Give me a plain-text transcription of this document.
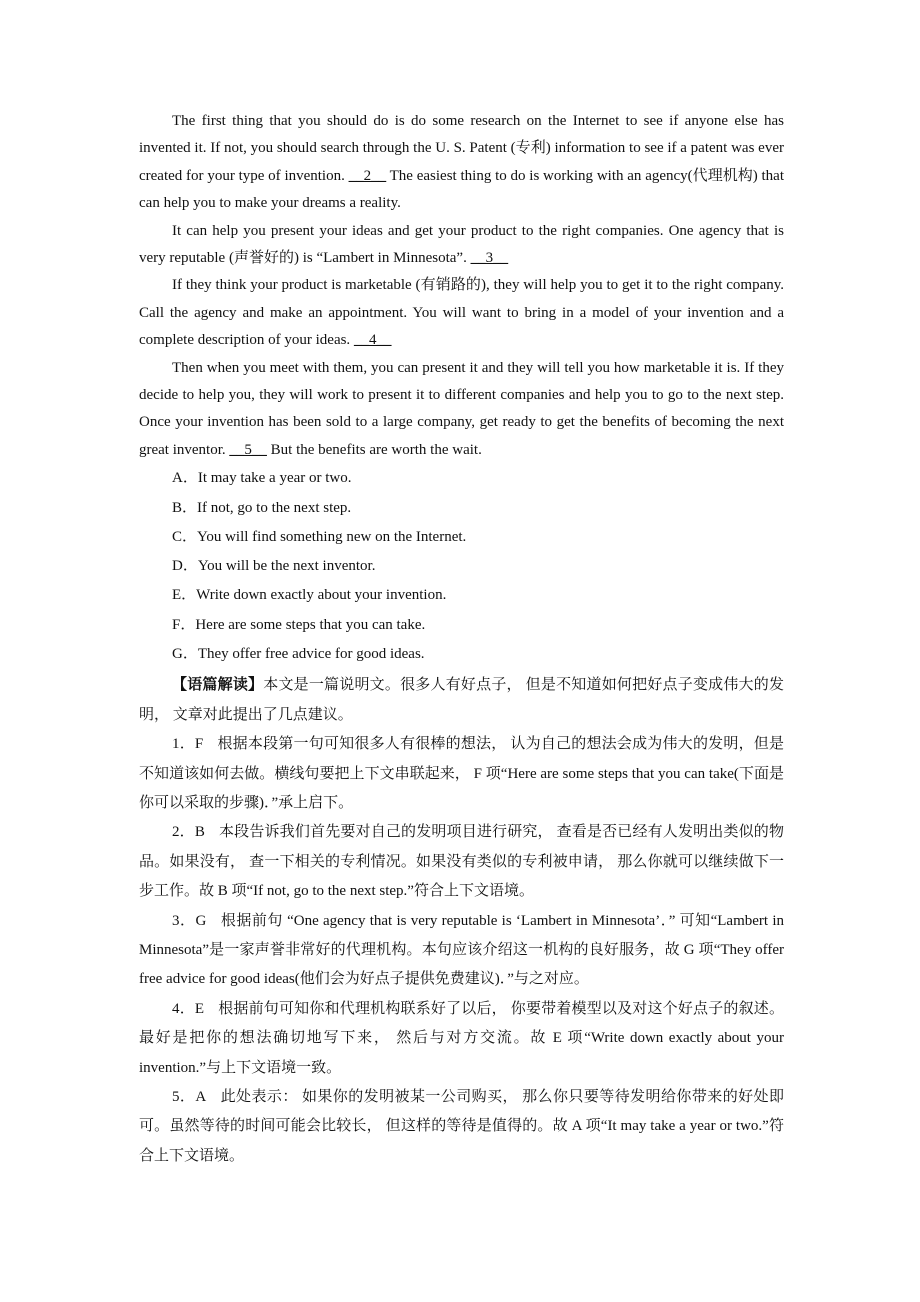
The first thing that you should do is do some research on the Internet to see if anyone else has invented it. If not, you should search through the U. S. Patent (专利) information to see if a patent was ever created for your type of invention. __2__ The easiest thing to do is working with an agency(代理机构) that can help you to make your dreams a reality.

It can help you present your ideas and get your product to the right companies. One agency that is very reputable (声誉好的) is “Lambert in Minnesota”. __3__

If they think your product is marketable (有销路的), they will help you to get it to the right company. Call the agency and make an appointment. You will want to bring in a model of your invention and a complete description of your ideas. __4__

Then when you meet with them, you can present it and they will tell you how marketable it is. If they decide to help you, they will work to present it to different companies and help you to go to the next step. Once your invention has been sold to a large company, get ready to get the benefits of becoming the next great inventor. __5__ But the benefits are worth the wait.

A．It may take a year or two.
B．If not, go to the next step.
C．You will find something new on the Internet.
D．You will be the next inventor.
E．Write down exactly about your invention.
F．Here are some steps that you can take.
G．They offer free advice for good ideas.

【语篇解读】本文是一篇说明文。很多人有好点子， 但是不知道如何把好点子变成伟大的发明， 文章对此提出了几点建议。

1．F 根据本段第一句可知很多人有很棒的想法， 认为自己的想法会成为伟大的发明，但是不知道该如何去做。横线句要把上下文串联起来， F 项“Here are some steps that you can take(下面是你可以采取的步骤)．”承上启下。

2．B 本段告诉我们首先要对自己的发明项目进行研究， 查看是否已经有人发明出类似的物品。如果没有， 查一下相关的专利情况。如果没有类似的专利被申请， 那么你就可以继续做下一步工作。故 B 项“If not, go to the next step.”符合上下文语境。

3．G 根据前句 “One agency that is very reputable is ‘Lambert in Minnesota’．” 可知“Lambert in Minnesota”是一家声誉非常好的代理机构。本句应该介绍这一机构的良好服务，故 G 项“They offer free advice for good ideas(他们会为好点子提供免费建议)．”与之对应。

4．E 根据前句可知你和代理机构联系好了以后， 你要带着模型以及对这个好点子的叙述。最好是把你的想法确切地写下来， 然后与对方交流。故 E 项“Write down exactly about your invention.”与上下文语境一致。

5．A 此处表示： 如果你的发明被某一公司购买， 那么你只要等待发明给你带来的好处即可。虽然等待的时间可能会比较长， 但这样的等待是值得的。故 A 项“It may take a year or two.”符合上下文语境。
